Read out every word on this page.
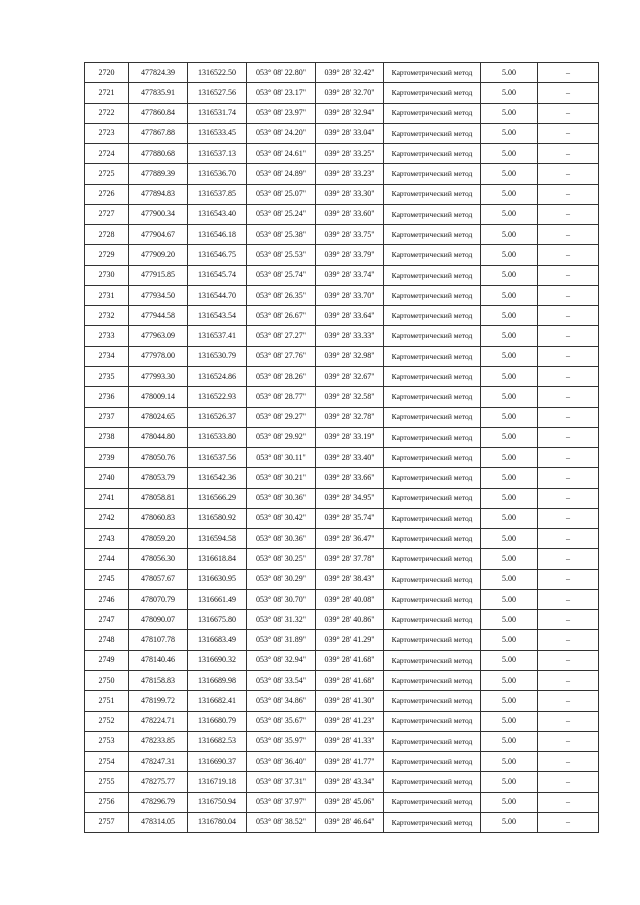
2720	477824.39	1316522.50	053° 08' 22.80"	039° 28' 32.42"	Картометрический метод	5.00	–
2721	477835.91	1316527.56	053° 08' 23.17"	039° 28' 32.70"	Картометрический метод	5.00	–
2722	477860.84	1316531.74	053° 08' 23.97"	039° 28' 32.94"	Картометрический метод	5.00	–
2723	477867.88	1316533.45	053° 08' 24.20"	039° 28' 33.04"	Картометрический метод	5.00	–
2724	477880.68	1316537.13	053° 08' 24.61"	039° 28' 33.25"	Картометрический метод	5.00	–
2725	477889.39	1316536.70	053° 08' 24.89"	039° 28' 33.23"	Картометрический метод	5.00	–
2726	477894.83	1316537.85	053° 08' 25.07"	039° 28' 33.30"	Картометрический метод	5.00	–
2727	477900.34	1316543.40	053° 08' 25.24"	039° 28' 33.60"	Картометрический метод	5.00	–
2728	477904.67	1316546.18	053° 08' 25.38"	039° 28' 33.75"	Картометрический метод	5.00	–
2729	477909.20	1316546.75	053° 08' 25.53"	039° 28' 33.79"	Картометрический метод	5.00	–
2730	477915.85	1316545.74	053° 08' 25.74"	039° 28' 33.74"	Картометрический метод	5.00	–
2731	477934.50	1316544.70	053° 08' 26.35"	039° 28' 33.70"	Картометрический метод	5.00	–
2732	477944.58	1316543.54	053° 08' 26.67"	039° 28' 33.64"	Картометрический метод	5.00	–
2733	477963.09	1316537.41	053° 08' 27.27"	039° 28' 33.33"	Картометрический метод	5.00	–
2734	477978.00	1316530.79	053° 08' 27.76"	039° 28' 32.98"	Картометрический метод	5.00	–
2735	477993.30	1316524.86	053° 08' 28.26"	039° 28' 32.67"	Картометрический метод	5.00	–
2736	478009.14	1316522.93	053° 08' 28.77"	039° 28' 32.58"	Картометрический метод	5.00	–
2737	478024.65	1316526.37	053° 08' 29.27"	039° 28' 32.78"	Картометрический метод	5.00	–
2738	478044.80	1316533.80	053° 08' 29.92"	039° 28' 33.19"	Картометрический метод	5.00	–
2739	478050.76	1316537.56	053° 08' 30.11"	039° 28' 33.40"	Картометрический метод	5.00	–
2740	478053.79	1316542.36	053° 08' 30.21"	039° 28' 33.66"	Картометрический метод	5.00	–
2741	478058.81	1316566.29	053° 08' 30.36"	039° 28' 34.95"	Картометрический метод	5.00	–
2742	478060.83	1316580.92	053° 08' 30.42"	039° 28' 35.74"	Картометрический метод	5.00	–
2743	478059.20	1316594.58	053° 08' 30.36"	039° 28' 36.47"	Картометрический метод	5.00	–
2744	478056.30	1316618.84	053° 08' 30.25"	039° 28' 37.78"	Картометрический метод	5.00	–
2745	478057.67	1316630.95	053° 08' 30.29"	039° 28' 38.43"	Картометрический метод	5.00	–
2746	478070.79	1316661.49	053° 08' 30.70"	039° 28' 40.08"	Картометрический метод	5.00	–
2747	478090.07	1316675.80	053° 08' 31.32"	039° 28' 40.86"	Картометрический метод	5.00	–
2748	478107.78	1316683.49	053° 08' 31.89"	039° 28' 41.29"	Картометрический метод	5.00	–
2749	478140.46	1316690.32	053° 08' 32.94"	039° 28' 41.68"	Картометрический метод	5.00	–
2750	478158.83	1316689.98	053° 08' 33.54"	039° 28' 41.68"	Картометрический метод	5.00	–
2751	478199.72	1316682.41	053° 08' 34.86"	039° 28' 41.30"	Картометрический метод	5.00	–
2752	478224.71	1316680.79	053° 08' 35.67"	039° 28' 41.23"	Картометрический метод	5.00	–
2753	478233.85	1316682.53	053° 08' 35.97"	039° 28' 41.33"	Картометрический метод	5.00	–
2754	478247.31	1316690.37	053° 08' 36.40"	039° 28' 41.77"	Картометрический метод	5.00	–
2755	478275.77	1316719.18	053° 08' 37.31"	039° 28' 43.34"	Картометрический метод	5.00	–
2756	478296.79	1316750.94	053° 08' 37.97"	039° 28' 45.06"	Картометрический метод	5.00	–
2757	478314.05	1316780.04	053° 08' 38.52"	039° 28' 46.64"	Картометрический метод	5.00	–
